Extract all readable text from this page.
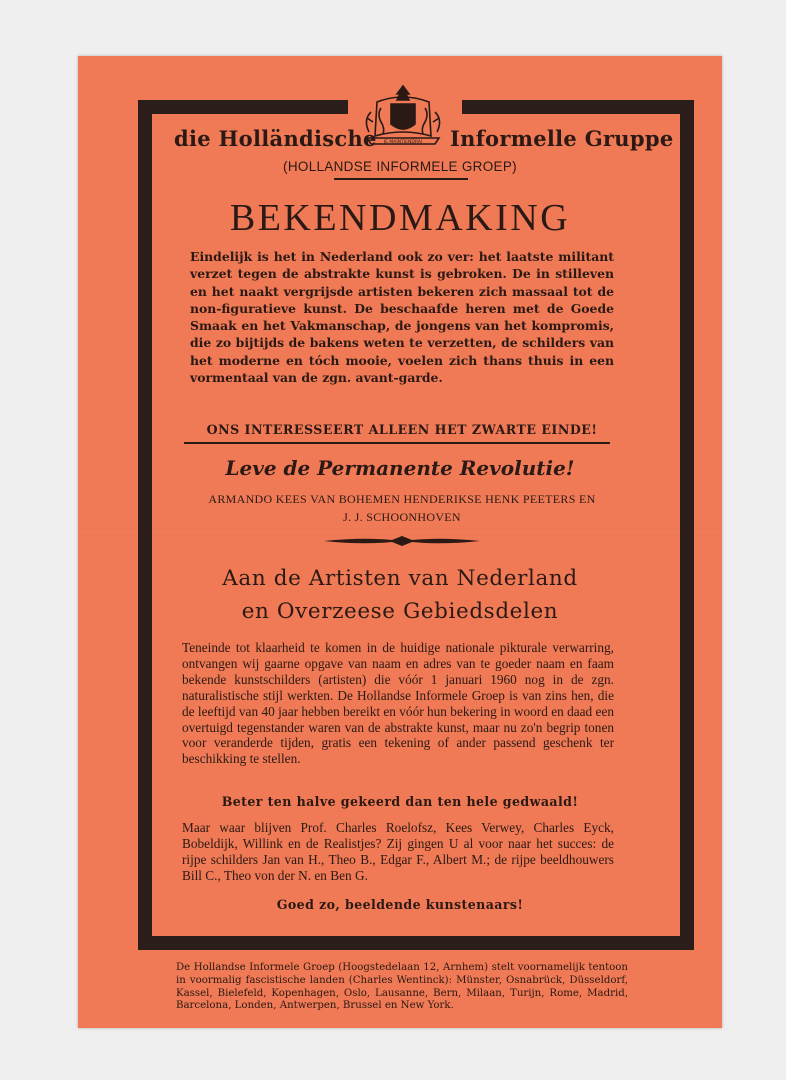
JE MAINTIENDRAI
die Holländische	Informelle Gruppe
(HOLLANDSE INFORMELE GROEP)
BEKENDMAKING

Eindelijk is het in Nederland ook zo ver: het laatste militant verzet tegen de abstrakte kunst is gebroken. De in stilleven en het naakt vergrijsde artisten bekeren zich massaal tot de non-figuratieve kunst. De beschaafde heren met de Goede Smaak en het Vakmanschap, de jongens van het kompromis, die zo bijtijds de bakens weten te verzetten, de schilders van het moderne en tóch mooie, voelen zich thans thuis in een vormentaal van de zgn. avant-garde.

ONS INTERESSEERT ALLEEN HET ZWARTE EINDE!
Leve de Permanente Revolutie!
ARMANDO KEES VAN BOHEMEN HENDERIKSE HENK PEETERS EN
J. J. SCHOONHOVEN
Aan de Artisten van Nederland
en Overzeese Gebiedsdelen

Teneinde tot klaarheid te komen in de huidige nationale pikturale verwarring, ontvangen wij gaarne opgave van naam en adres van te goeder naam en faam bekende kunstschilders (artisten) die vóór 1 januari 1960 nog in de zgn. naturalistische stijl werkten. De Hollandse Informele Groep is van zins hen, die de leeftijd van 40 jaar hebben bereikt en vóór hun bekering in woord en daad een overtuigd tegenstander waren van de abstrakte kunst, maar nu zo'n begrip tonen voor veranderde tijden, gratis een tekening of ander passend geschenk ter beschikking te stellen.

Beter ten halve gekeerd dan ten hele gedwaald!

Maar waar blijven Prof. Charles Roelofsz, Kees Verwey, Charles Eyck, Bobeldijk, Willink en de Realistjes? Zij gingen U al voor naar het succes: de rijpe schilders Jan van H., Theo B., Edgar F., Albert M.; de rijpe beeldhouwers Bill C., Theo von der N. en Ben G.

Goed zo, beeldende kunstenaars!

De Hollandse Informele Groep (Hoogstedelaan 12, Arnhem) stelt voornamelijk tentoon in voormalig fascistische landen (Charles Wentinck): Münster, Osnabrück, Düsseldorf, Kassel, Bielefeld, Kopenhagen, Oslo, Lausanne, Bern, Milaan, Turijn, Rome, Madrid, Barcelona, Londen, Antwerpen, Brussel en New York.
